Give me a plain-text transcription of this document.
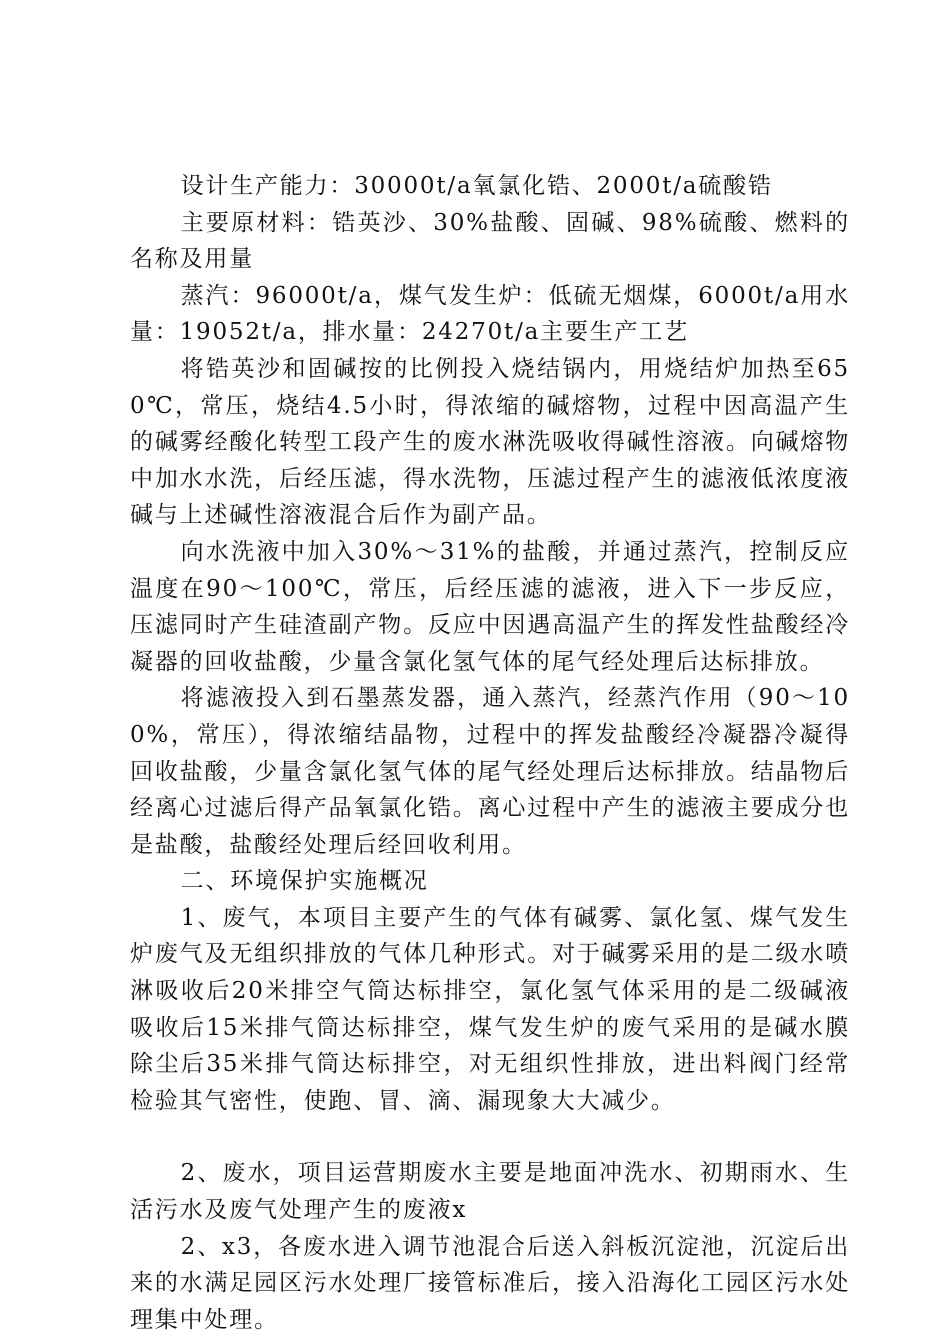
设计生产能力：30000t/a氧氯化锆、2000t/a硫酸锆

主要原材料：锆英沙、30%盐酸、固碱、98%硫酸、燃料的名称及用量

蒸汽：96000t/a，煤气发生炉：低硫无烟煤，6000t/a用水量：19052t/a，排水量：24270t/a主要生产工艺

将锆英沙和固碱按的比例投入烧结锅内，用烧结炉加热至650℃，常压，烧结4.5小时，得浓缩的碱熔物，过程中因高温产生的碱雾经酸化转型工段产生的废水淋洗吸收得碱性溶液。向碱熔物中加水水洗，后经压滤，得水洗物，压滤过程产生的滤液低浓度液碱与上述碱性溶液混合后作为副产品。

向水洗液中加入30%～31%的盐酸，并通过蒸汽，控制反应温度在90～100℃，常压，后经压滤的滤液，进入下一步反应，压滤同时产生硅渣副产物。反应中因遇高温产生的挥发性盐酸经冷凝器的回收盐酸，少量含氯化氢气体的尾气经处理后达标排放。

将滤液投入到石墨蒸发器，通入蒸汽，经蒸汽作用（90～100%，常压），得浓缩结晶物，过程中的挥发盐酸经冷凝器冷凝得回收盐酸，少量含氯化氢气体的尾气经处理后达标排放。结晶物后经离心过滤后得产品氧氯化锆。离心过程中产生的滤液主要成分也是盐酸，盐酸经处理后经回收利用。

二、环境保护实施概况

1、废气，本项目主要产生的气体有碱雾、氯化氢、煤气发生炉废气及无组织排放的气体几种形式。对于碱雾采用的是二级水喷淋吸收后20米排空气筒达标排空，氯化氢气体采用的是二级碱液吸收后15米排气筒达标排空，煤气发生炉的废气采用的是碱水膜除尘后35米排气筒达标排空，对无组织性排放，进出料阀门经常检验其气密性，使跑、冒、滴、漏现象大大减少。

2、废水，项目运营期废水主要是地面冲洗水、初期雨水、生活污水及废气处理产生的废液x

2、x3，各废水进入调节池混合后送入斜板沉淀池，沉淀后出来的水满足园区污水处理厂接管标准后，接入沿海化工园区污水处理集中处理。
